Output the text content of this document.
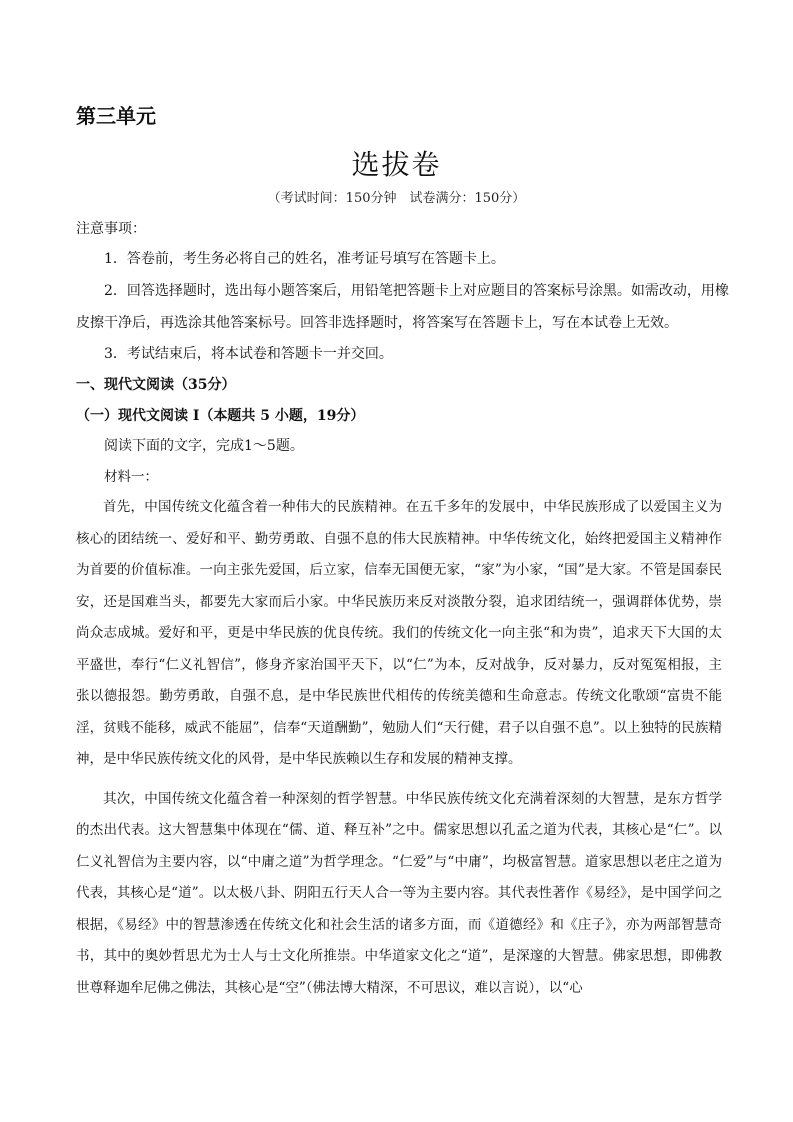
第三单元
选拔卷
（考试时间：150分钟　试卷满分：150分）
注意事项：
1．答卷前，考生务必将自己的姓名，准考证号填写在答题卡上。
2．回答选择题时，选出每小题答案后，用铅笔把答题卡上对应题目的答案标号涂黑。如需改动，用橡
皮擦干净后，再选涂其他答案标号。回答非选择题时，将答案写在答题卡上，写在本试卷上无效。
3．考试结束后，将本试卷和答题卡一并交回。
一、现代文阅读（35分）
（一）现代文阅读 I（本题共 5 小题，19分）
阅读下面的文字，完成1～5题。
材料一：

首先，中国传统文化蕴含着一种伟大的民族精神。在五千多年的发展中，中华民族形成了以爱国主义为核心的团结统一、爱好和平、勤劳勇敢、自强不息的伟大民族精神。中华传统文化，始终把爱国主义精神作为首要的价值标准。一向主张先爱国，后立家，信奉无国便无家，“家”为小家，“国”是大家。不管是国泰民安，还是国难当头，都要先大家而后小家。中华民族历来反对淡散分裂，追求团结统一，强调群体优势，崇尚众志成城。爱好和平，更是中华民族的优良传统。我们的传统文化一向主张“和为贵”，追求天下大国的太平盛世，奉行“仁义礼智信”，修身齐家治国平天下，以“仁”为本，反对战争，反对暴力，反对冤冤相报，主张以德报怨。勤劳勇敢，自强不息，是中华民族世代相传的传统美德和生命意志。传统文化歌颂“富贵不能淫，贫贱不能移，威武不能屈”，信奉“天道酬勤”，勉励人们“天行健，君子以自强不息”。以上独特的民族精神，是中华民族传统文化的风骨，是中华民族赖以生存和发展的精神支撑。

其次，中国传统文化蕴含着一种深刻的哲学智慧。中华民族传统文化充满着深刻的大智慧，是东方哲学的杰出代表。这大智慧集中体现在“儒、道、释互补”之中。儒家思想以孔孟之道为代表，其核心是“仁”。以仁义礼智信为主要内容，以“中庸之道”为哲学理念。“仁爱”与“中庸”，均极富智慧。道家思想以老庄之道为代表，其核心是“道”。以太极八卦、阴阳五行天人合一等为主要内容。其代表性著作《易经》，是中国学问之根据，《易经》中的智慧渗透在传统文化和社会生活的诸多方面，而《道德经》和《庄子》，亦为两部智慧奇书，其中的奥妙哲思尤为士人与士文化所推崇。中华道家文化之“道”，是深邃的大智慧。佛家思想，即佛教世尊释迦牟尼佛之佛法，其核心是“空”（佛法博大精深，不可思议，难以言说），以“心
